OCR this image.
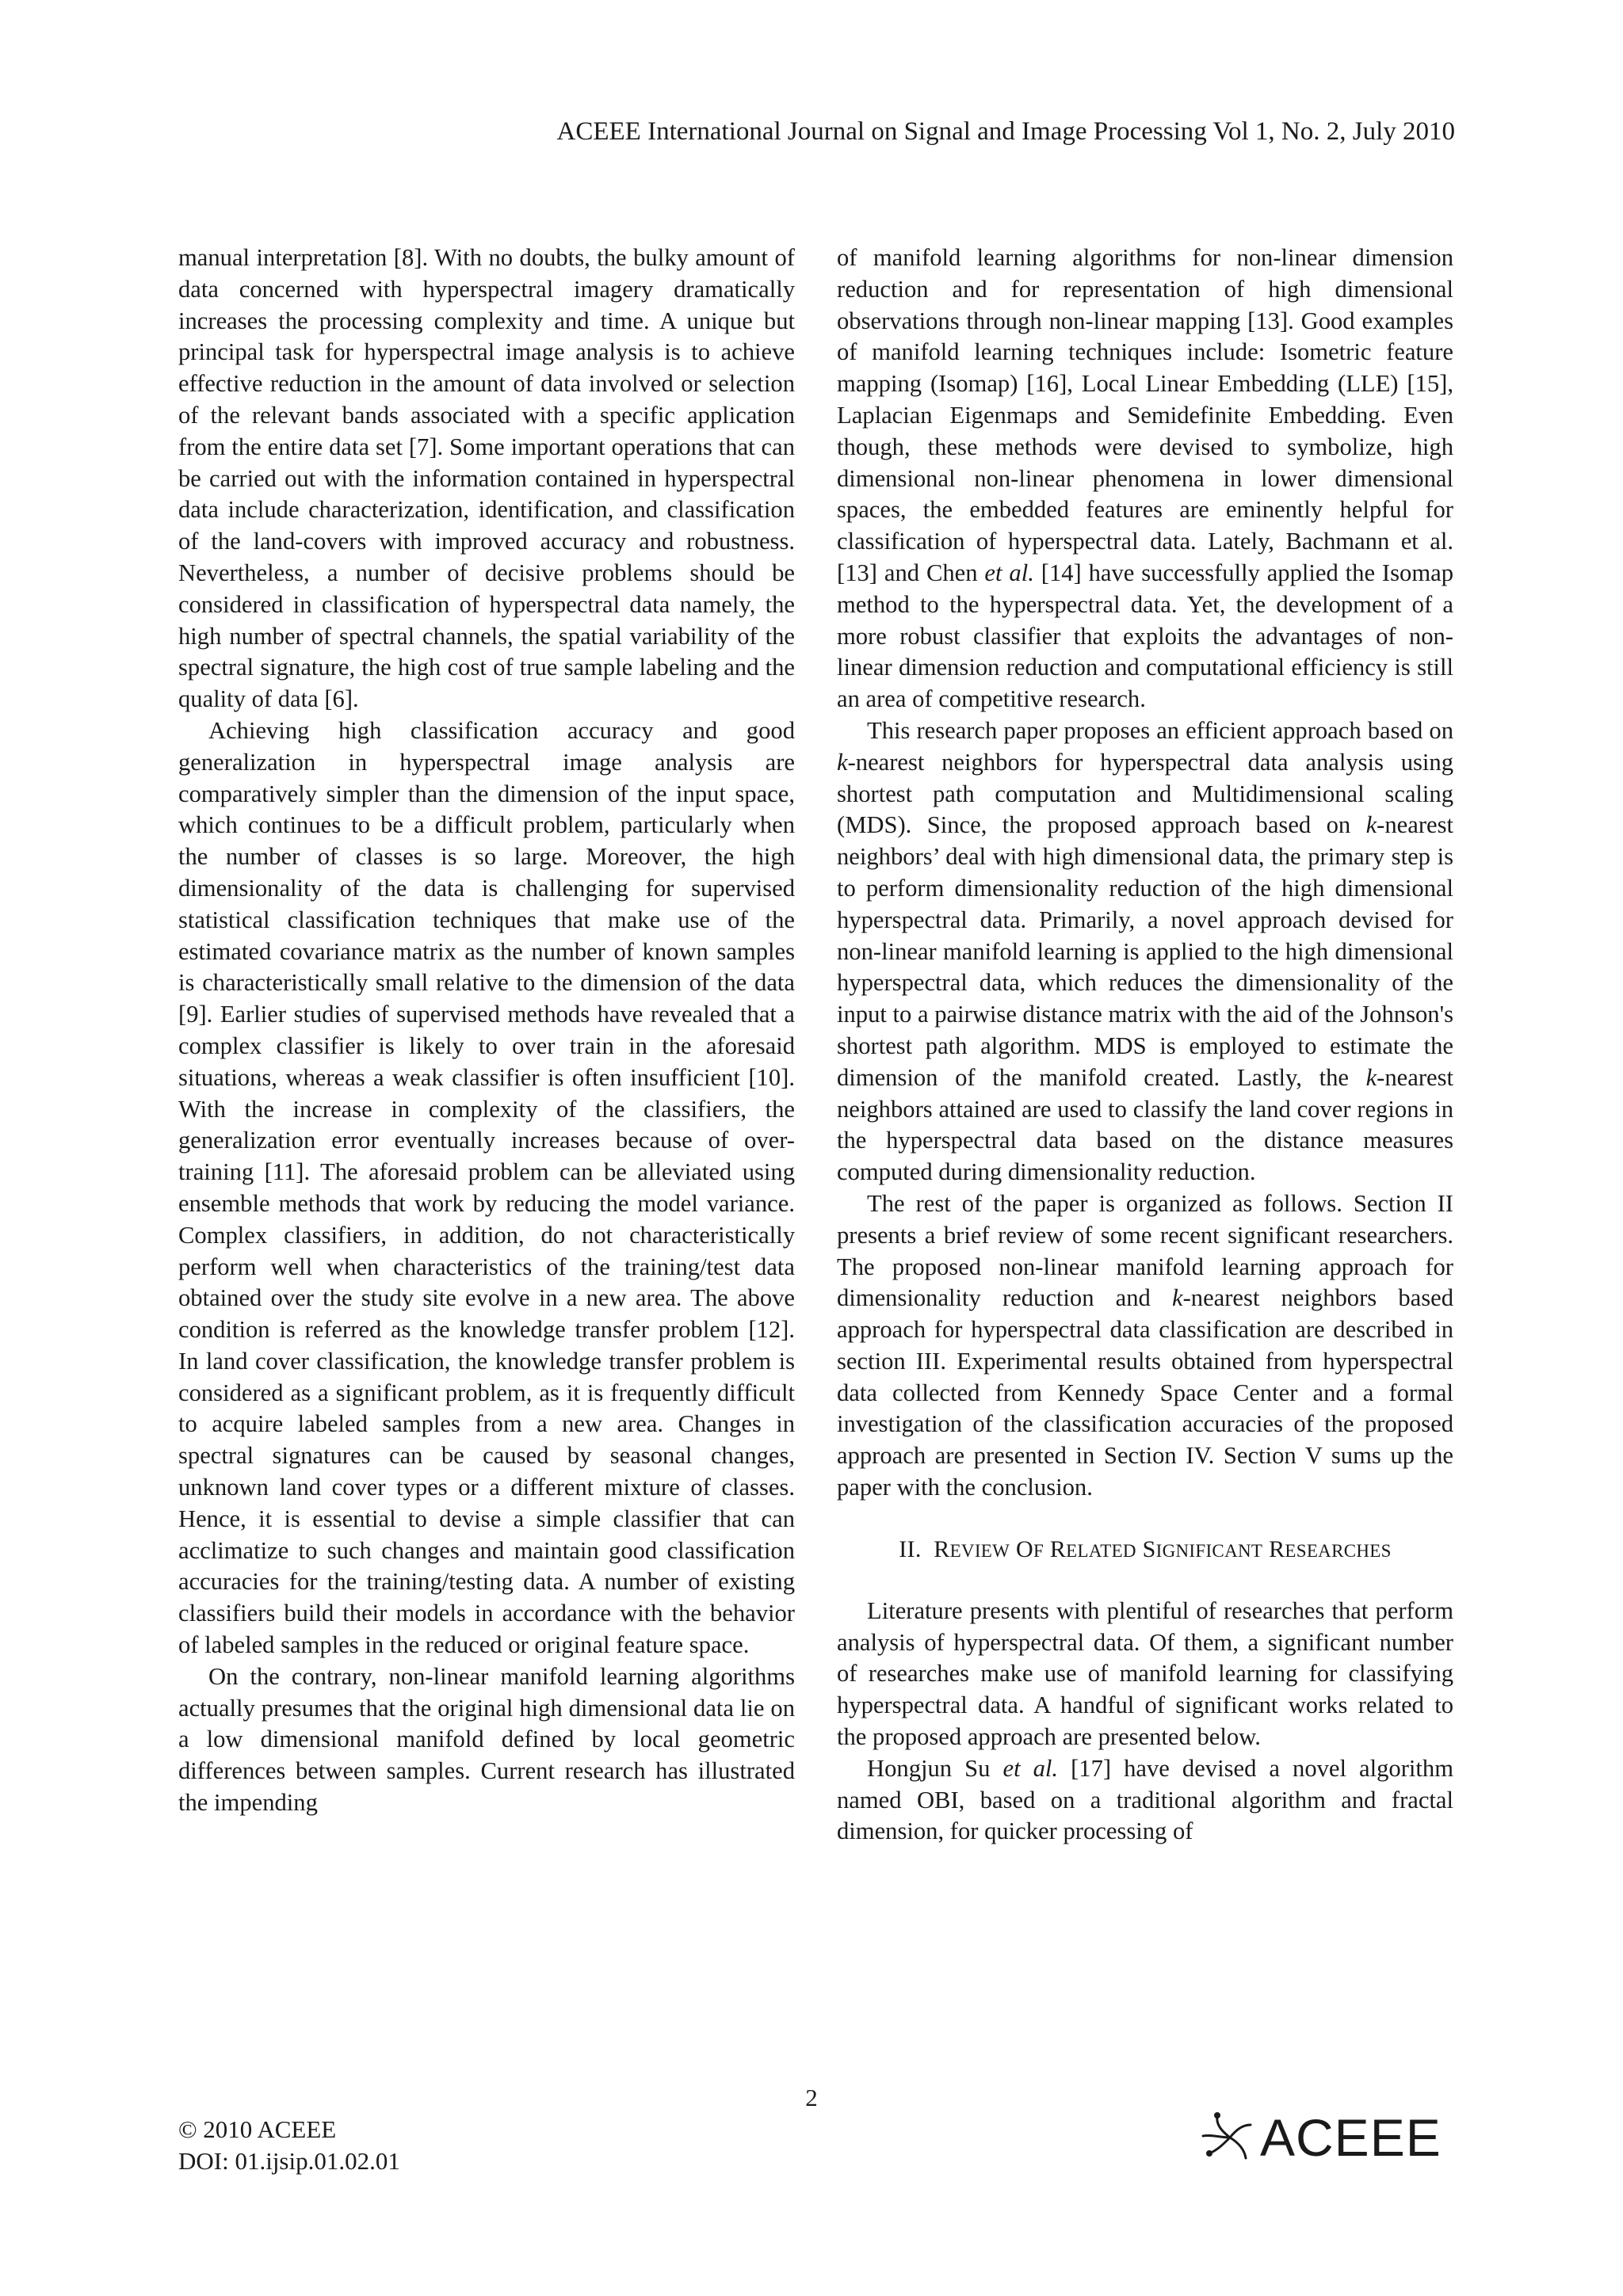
ACEEE International Journal on Signal and Image Processing Vol 1, No. 2, July 2010

manual interpretation [8]. With no doubts, the bulky amount of data concerned with hyperspectral imagery dramatically increases the processing complexity and time. A unique but principal task for hyperspectral image analysis is to achieve effective reduction in the amount of data involved or selection of the relevant bands associated with a specific application from the entire data set [7]. Some important operations that can be carried out with the information contained in hyperspectral data include characterization, identification, and classification of the land-covers with improved accuracy and robustness. Nevertheless, a number of decisive problems should be considered in classification of hyperspectral data namely, the high number of spectral channels, the spatial variability of the spectral signature, the high cost of true sample labeling and the quality of data [6].

Achieving high classification accuracy and good generalization in hyperspectral image analysis are comparatively simpler than the dimension of the input space, which continues to be a difficult problem, particularly when the number of classes is so large. Moreover, the high dimensionality of the data is challenging for supervised statistical classification techniques that make use of the estimated covariance matrix as the number of known samples is characteristically small relative to the dimension of the data [9]. Earlier studies of supervised methods have revealed that a complex classifier is likely to over train in the aforesaid situations, whereas a weak classifier is often insufficient [10]. With the increase in complexity of the classifiers, the generalization error eventually increases because of over-training [11]. The aforesaid problem can be alleviated using ensemble methods that work by reducing the model variance. Complex classifiers, in addition, do not characteristically perform well when characteristics of the training/test data obtained over the study site evolve in a new area. The above condition is referred as the knowledge transfer problem [12]. In land cover classification, the knowledge transfer problem is considered as a significant problem, as it is frequently difficult to acquire labeled samples from a new area. Changes in spectral signatures can be caused by seasonal changes, unknown land cover types or a different mixture of classes. Hence, it is essential to devise a simple classifier that can acclimatize to such changes and maintain good classification accuracies for the training/testing data. A number of existing classifiers build their models in accordance with the behavior of labeled samples in the reduced or original feature space.

On the contrary, non-linear manifold learning algorithms actually presumes that the original high dimensional data lie on a low dimensional manifold defined by local geometric differences between samples. Current research has illustrated the impending

of manifold learning algorithms for non-linear dimension reduction and for representation of high dimensional observations through non-linear mapping [13]. Good examples of manifold learning techniques include: Isometric feature mapping (Isomap) [16], Local Linear Embedding (LLE) [15], Laplacian Eigenmaps and Semidefinite Embedding. Even though, these methods were devised to symbolize, high dimensional non-linear phenomena in lower dimensional spaces, the embedded features are eminently helpful for classification of hyperspectral data. Lately, Bachmann et al. [13] and Chen et al. [14] have successfully applied the Isomap method to the hyperspectral data. Yet, the development of a more robust classifier that exploits the advantages of non-linear dimension reduction and computational efficiency is still an area of competitive research.

This research paper proposes an efficient approach based on k-nearest neighbors for hyperspectral data analysis using shortest path computation and Multidimensional scaling (MDS). Since, the proposed approach based on k-nearest neighbors’ deal with high dimensional data, the primary step is to perform dimensionality reduction of the high dimensional hyperspectral data. Primarily, a novel approach devised for non-linear manifold learning is applied to the high dimensional hyperspectral data, which reduces the dimensionality of the input to a pairwise distance matrix with the aid of the Johnson's shortest path algorithm. MDS is employed to estimate the dimension of the manifold created. Lastly, the k-nearest neighbors attained are used to classify the land cover regions in the hyperspectral data based on the distance measures computed during dimensionality reduction.

The rest of the paper is organized as follows. Section II presents a brief review of some recent significant researchers. The proposed non-linear manifold learning approach for dimensionality reduction and k-nearest neighbors based approach for hyperspectral data classification are described in section III. Experimental results obtained from hyperspectral data collected from Kennedy Space Center and a formal investigation of the classification accuracies of the proposed approach are presented in Section IV. Section V sums up the paper with the conclusion.

II. REVIEW OF RELATED SIGNIFICANT RESEARCHES

Literature presents with plentiful of researches that perform analysis of hyperspectral data. Of them, a significant number of researches make use of manifold learning for classifying hyperspectral data. A handful of significant works related to the proposed approach are presented below.

Hongjun Su et al. [17] have devised a novel algorithm named OBI, based on a traditional algorithm and fractal dimension, for quicker processing of

2
© 2010 ACEEE
DOI: 01.ijsip.01.02.01	ACEEE
